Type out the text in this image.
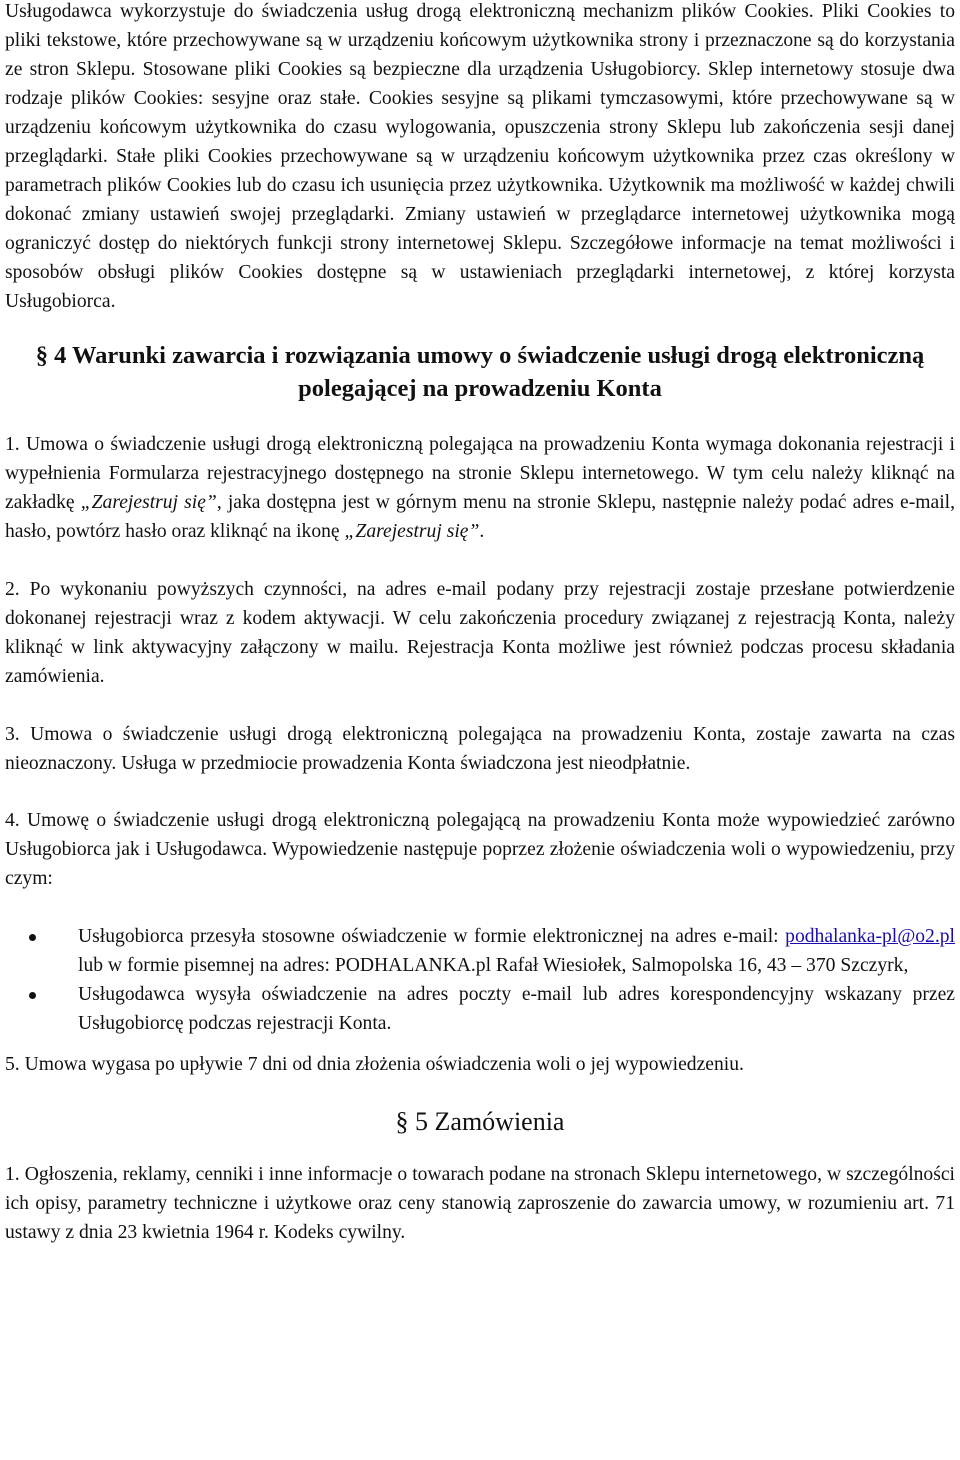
Usługodawca wykorzystuje do świadczenia usług drogą elektroniczną mechanizm plików Cookies. Pliki Cookies to pliki tekstowe, które przechowywane są w urządzeniu końcowym użytkownika strony i przeznaczone są do korzystania ze stron Sklepu. Stosowane pliki Cookies są bezpieczne dla urządzenia Usługobiorcy. Sklep internetowy stosuje dwa rodzaje plików Cookies: sesyjne oraz stałe. Cookies sesyjne są plikami tymczasowymi, które przechowywane są w urządzeniu końcowym użytkownika do czasu wylogowania, opuszczenia strony Sklepu lub zakończenia sesji danej przeglądarki. Stałe pliki Cookies przechowywane są w urządzeniu końcowym użytkownika przez czas określony w parametrach plików Cookies lub do czasu ich usunięcia przez użytkownika. Użytkownik ma możliwość w każdej chwili dokonać zmiany ustawień swojej przeglądarki. Zmiany ustawień w przeglądarce internetowej użytkownika mogą ograniczyć dostęp do niektórych funkcji strony internetowej Sklepu. Szczegółowe informacje na temat możliwości i sposobów obsługi plików Cookies dostępne są w ustawieniach przeglądarki internetowej, z której korzysta Usługobiorca.

§ 4 Warunki zawarcia i rozwiązania umowy o świadczenie usługi drogą elektroniczną polegającej na prowadzeniu Konta

1. Umowa o świadczenie usługi drogą elektroniczną polegająca na prowadzeniu Konta wymaga dokonania rejestracji i wypełnienia Formularza rejestracyjnego dostępnego na stronie Sklepu internetowego. W tym celu należy kliknąć na zakładkę „Zarejestruj się”, jaka dostępna jest w górnym menu na stronie Sklepu, następnie należy podać adres e-mail, hasło, powtórz hasło oraz kliknąć na ikonę „Zarejestruj się”.

2. Po wykonaniu powyższych czynności, na adres e-mail podany przy rejestracji zostaje przesłane potwierdzenie dokonanej rejestracji wraz z kodem aktywacji. W celu zakończenia procedury związanej z rejestracją Konta, należy kliknąć w link aktywacyjny załączony w mailu. Rejestracja Konta możliwe jest również podczas procesu składania zamówienia.

3. Umowa o świadczenie usługi drogą elektroniczną polegająca na prowadzeniu Konta, zostaje zawarta na czas nieoznaczony. Usługa w przedmiocie prowadzenia Konta świadczona jest nieodpłatnie.

4. Umowę o świadczenie usługi drogą elektroniczną polegającą na prowadzeniu Konta może wypowiedzieć zarówno Usługobiorca jak i Usługodawca. Wypowiedzenie następuje poprzez złożenie oświadczenia woli o wypowiedzeniu, przy czym:

Usługobiorca przesyła stosowne oświadczenie w formie elektronicznej na adres e-mail: podhalanka-pl@o2.pl lub w formie pisemnej na adres: PODHALANKA.pl Rafał Wiesiołek, Salmopolska 16, 43 – 370 Szczyrk,
Usługodawca wysyła oświadczenie na adres poczty e-mail lub adres korespondencyjny wskazany przez Usługobiorcę podczas rejestracji Konta.

5. Umowa wygasa po upływie 7 dni od dnia złożenia oświadczenia woli o jej wypowiedzeniu.

§ 5 Zamówienia

1. Ogłoszenia, reklamy, cenniki i inne informacje o towarach podane na stronach Sklepu internetowego, w szczególności ich opisy, parametry techniczne i użytkowe oraz ceny stanowią zaproszenie do zawarcia umowy, w rozumieniu art. 71 ustawy z dnia 23 kwietnia 1964 r. Kodeks cywilny.
